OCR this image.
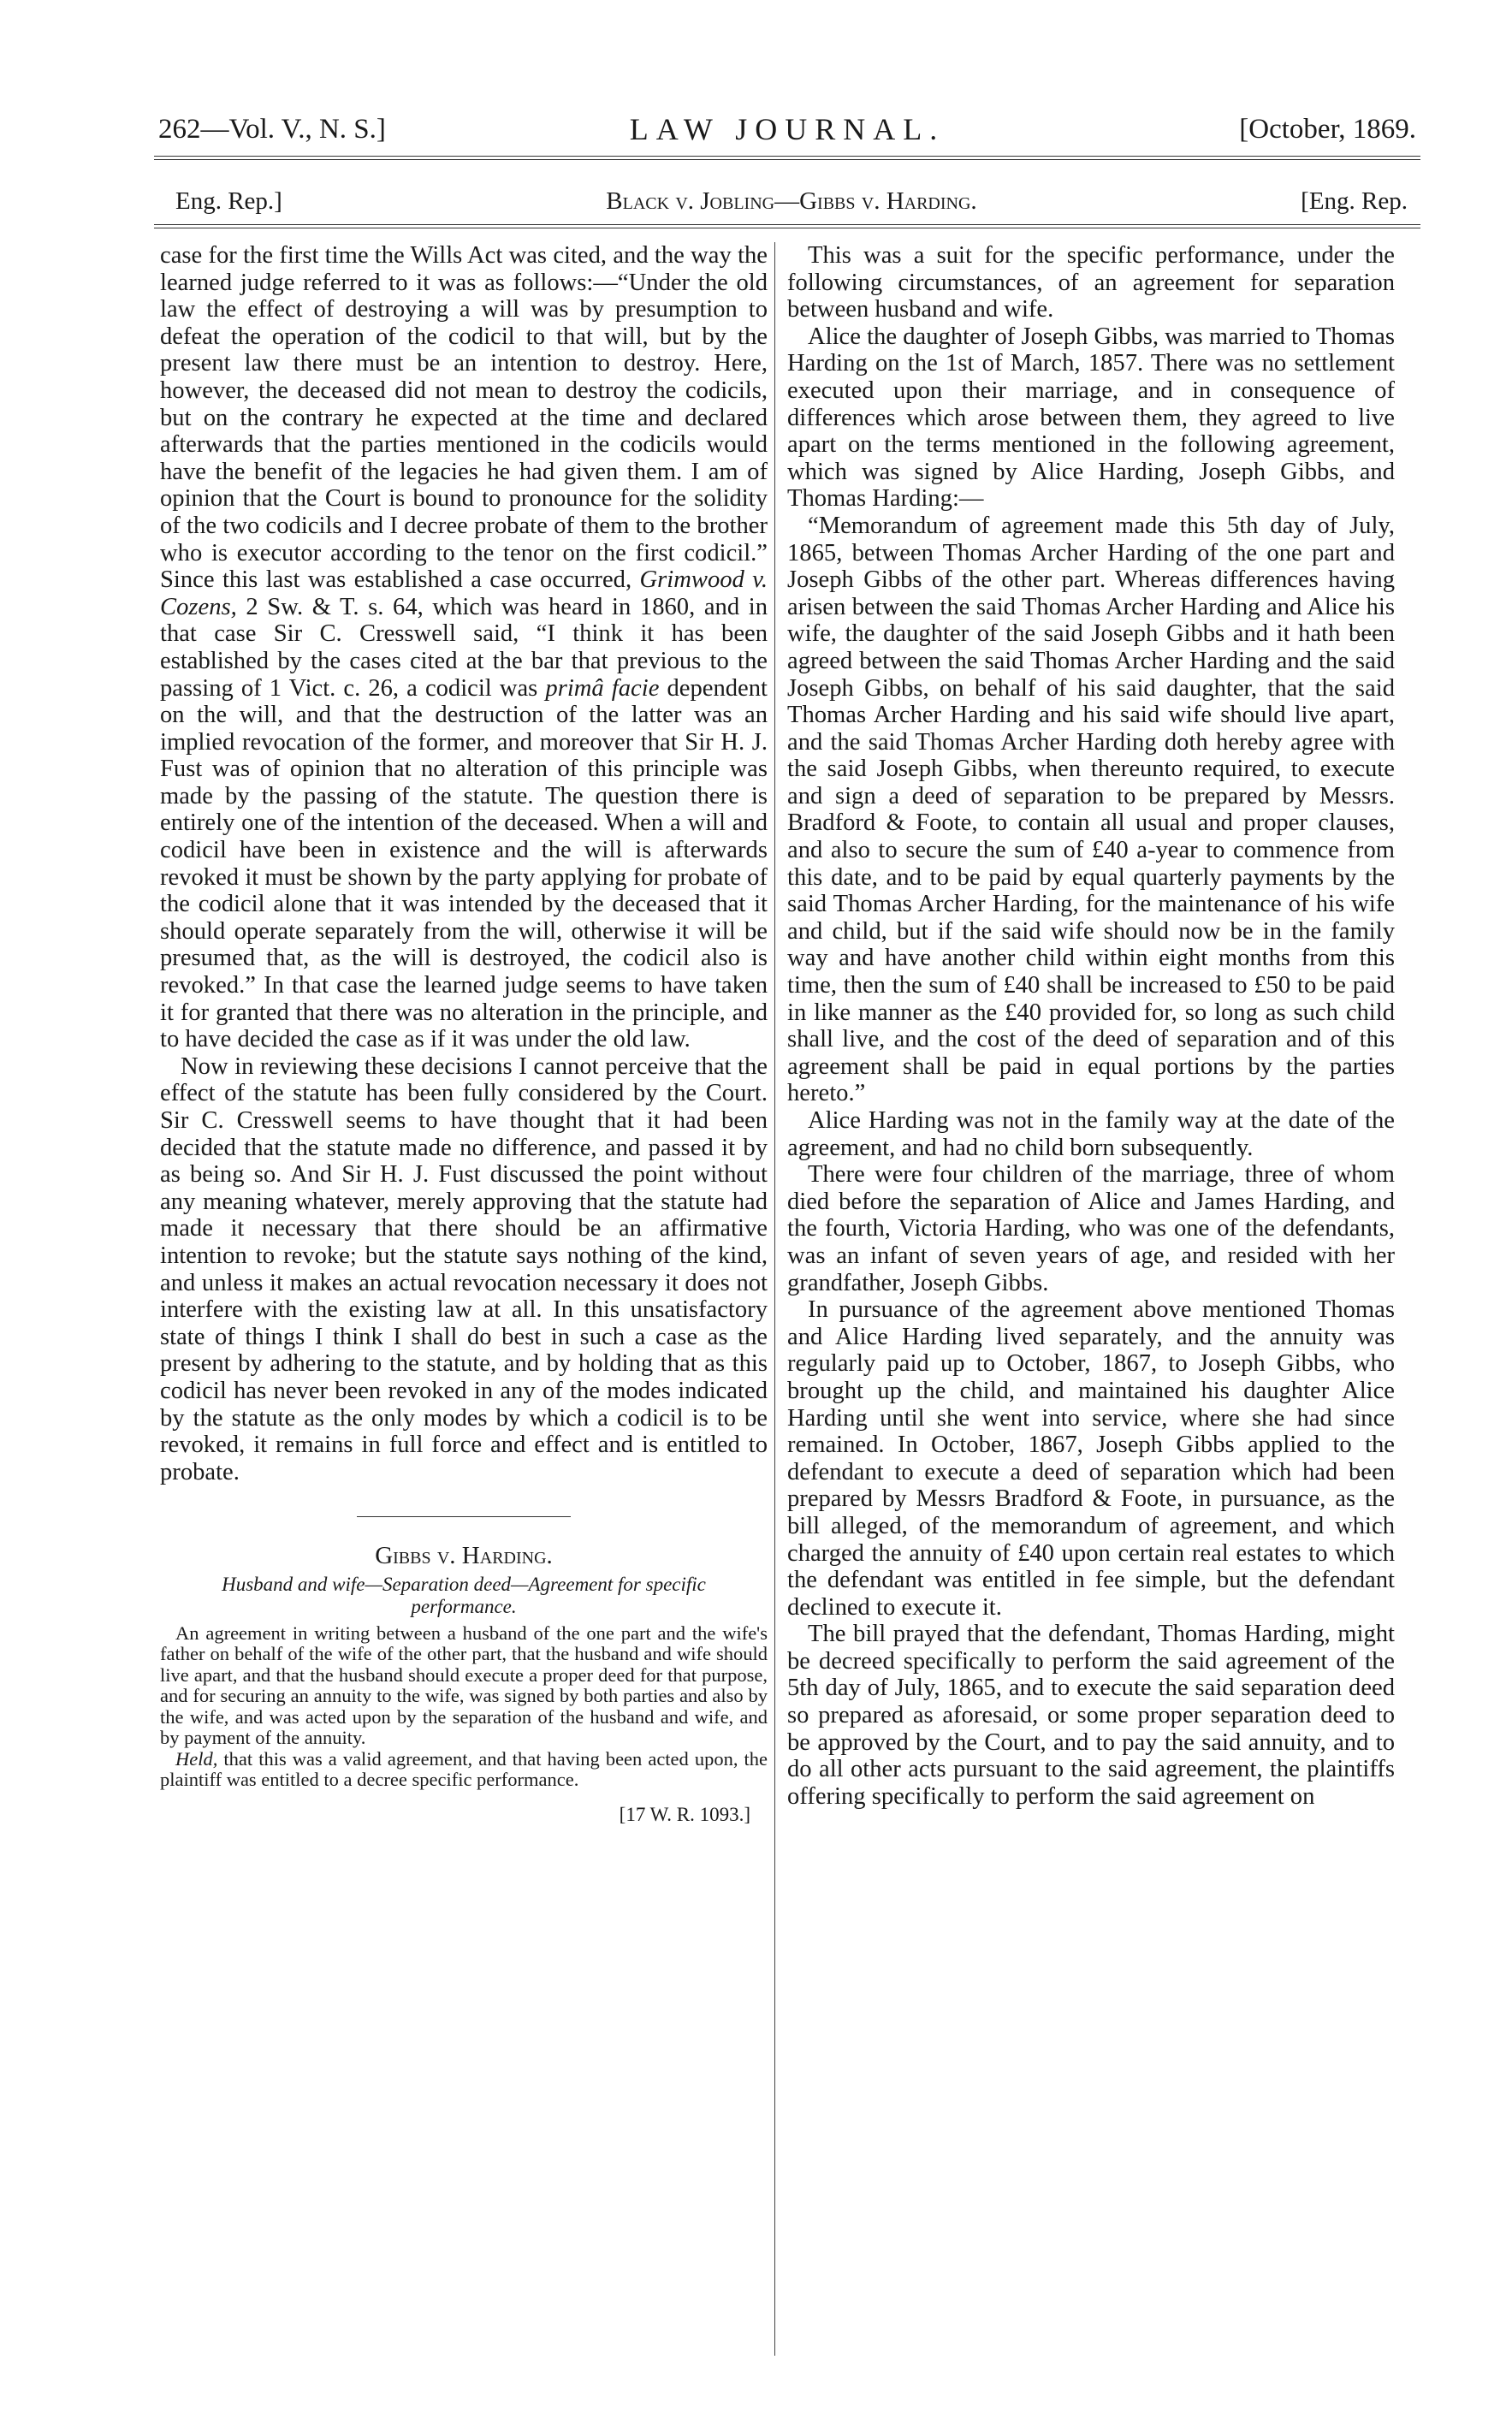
262—Vol. V., N. S.]	LAW JOURNAL.	[October, 1869.
Eng. Rep.]	Black v. Jobling—Gibbs v. Harding.	[Eng. Rep.

case for the first time the Wills Act was cited, and the way the learned judge referred to it was as follows:—“Under the old law the effect of destroying a will was by presumption to defeat the operation of the codicil to that will, but by the present law there must be an intention to destroy. Here, however, the deceased did not mean to destroy the codicils, but on the contrary he expected at the time and declared afterwards that the parties mentioned in the codicils would have the benefit of the legacies he had given them. I am of opinion that the Court is bound to pronounce for the solidity of the two codicils and I decree probate of them to the brother who is executor according to the tenor on the first codicil.” Since this last was established a case occurred, Grimwood v. Cozens, 2 Sw. & T. s. 64, which was heard in 1860, and in that case Sir C. Cresswell said, “I think it has been established by the cases cited at the bar that previous to the passing of 1 Vict. c. 26, a codicil was primâ facie dependent on the will, and that the destruction of the latter was an implied revocation of the former, and moreover that Sir H. J. Fust was of opinion that no alteration of this principle was made by the passing of the statute. The question there is entirely one of the intention of the deceased. When a will and codicil have been in existence and the will is afterwards revoked it must be shown by the party applying for probate of the codicil alone that it was intended by the deceased that it should operate separately from the will, otherwise it will be presumed that, as the will is destroyed, the codicil also is revoked.” In that case the learned judge seems to have taken it for granted that there was no alteration in the principle, and to have decided the case as if it was under the old law.

Now in reviewing these decisions I cannot perceive that the effect of the statute has been fully considered by the Court. Sir C. Cresswell seems to have thought that it had been decided that the statute made no difference, and passed it by as being so. And Sir H. J. Fust discussed the point without any meaning whatever, merely approving that the statute had made it necessary that there should be an affirmative intention to revoke; but the statute says nothing of the kind, and unless it makes an actual revocation necessary it does not interfere with the existing law at all. In this unsatisfactory state of things I think I shall do best in such a case as the present by adhering to the statute, and by holding that as this codicil has never been revoked in any of the modes indicated by the statute as the only modes by which a codicil is to be revoked, it remains in full force and effect and is entitled to probate.

Gibbs v. Harding.

Husband and wife—Separation deed—Agreement for specific performance.

An agreement in writing between a husband of the one part and the wife's father on behalf of the wife of the other part, that the husband and wife should live apart, and that the husband should execute a proper deed for that purpose, and for securing an annuity to the wife, was signed by both parties and also by the wife, and was acted upon by the separation of the husband and wife, and by payment of the annuity.

Held, that this was a valid agreement, and that having been acted upon, the plaintiff was entitled to a decree specific performance.

[17 W. R. 1093.]

This was a suit for the specific performance, under the following circumstances, of an agreement for separation between husband and wife.

Alice the daughter of Joseph Gibbs, was married to Thomas Harding on the 1st of March, 1857. There was no settlement executed upon their marriage, and in consequence of differences which arose between them, they agreed to live apart on the terms mentioned in the following agreement, which was signed by Alice Harding, Joseph Gibbs, and Thomas Harding:—

“Memorandum of agreement made this 5th day of July, 1865, between Thomas Archer Harding of the one part and Joseph Gibbs of the other part. Whereas differences having arisen between the said Thomas Archer Harding and Alice his wife, the daughter of the said Joseph Gibbs and it hath been agreed between the said Thomas Archer Harding and the said Joseph Gibbs, on behalf of his said daughter, that the said Thomas Archer Harding and his said wife should live apart, and the said Thomas Archer Harding doth hereby agree with the said Joseph Gibbs, when thereunto required, to execute and sign a deed of separation to be prepared by Messrs. Bradford & Foote, to contain all usual and proper clauses, and also to secure the sum of £40 a-year to commence from this date, and to be paid by equal quarterly payments by the said Thomas Archer Harding, for the maintenance of his wife and child, but if the said wife should now be in the family way and have another child within eight months from this time, then the sum of £40 shall be increased to £50 to be paid in like manner as the £40 provided for, so long as such child shall live, and the cost of the deed of separation and of this agreement shall be paid in equal portions by the parties hereto.”

Alice Harding was not in the family way at the date of the agreement, and had no child born subsequently.

There were four children of the marriage, three of whom died before the separation of Alice and James Harding, and the fourth, Victoria Harding, who was one of the defendants, was an infant of seven years of age, and resided with her grandfather, Joseph Gibbs.

In pursuance of the agreement above mentioned Thomas and Alice Harding lived separately, and the annuity was regularly paid up to October, 1867, to Joseph Gibbs, who brought up the child, and maintained his daughter Alice Harding until she went into service, where she had since remained. In October, 1867, Joseph Gibbs applied to the defendant to execute a deed of separation which had been prepared by Messrs Bradford & Foote, in pursuance, as the bill alleged, of the memorandum of agreement, and which charged the annuity of £40 upon certain real estates to which the defendant was entitled in fee simple, but the defendant declined to execute it.

The bill prayed that the defendant, Thomas Harding, might be decreed specifically to perform the said agreement of the 5th day of July, 1865, and to execute the said separation deed so prepared as aforesaid, or some proper separation deed to be approved by the Court, and to pay the said annuity, and to do all other acts pursuant to the said agreement, the plaintiffs offering specifically to perform the said agreement on
